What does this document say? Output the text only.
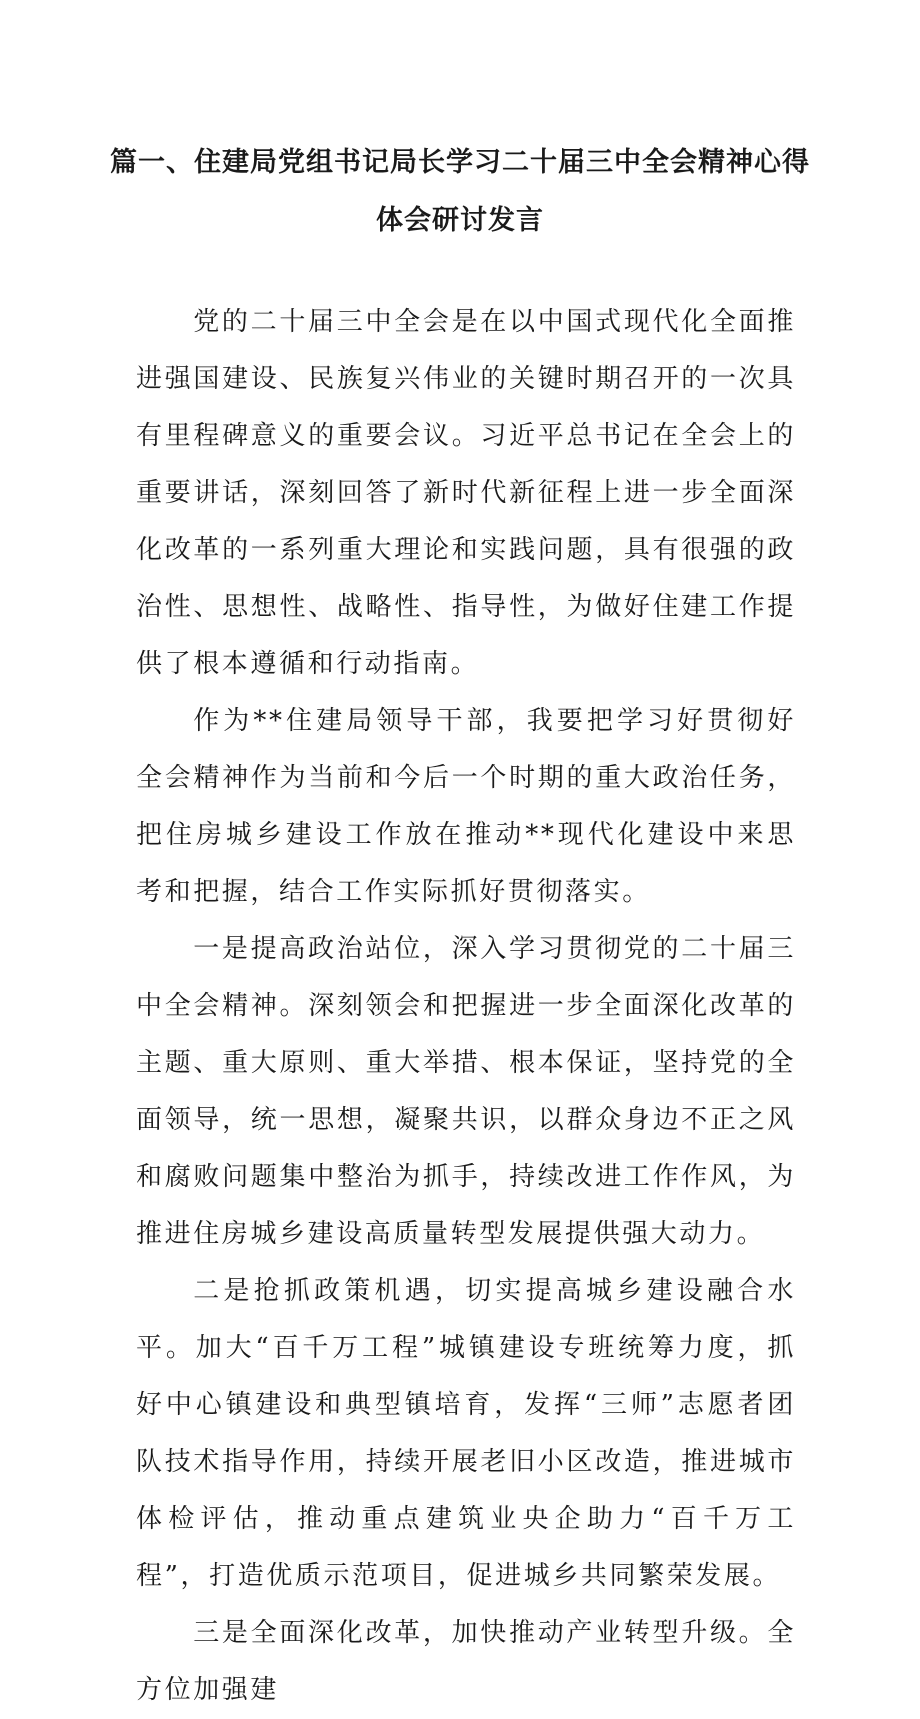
篇一、住建局党组书记局长学习二十届三中全会精神心得
体会研讨发言

党的二十届三中全会是在以中国式现代化全面推进强国建设、民族复兴伟业的关键时期召开的一次具有里程碑意义的重要会议。习近平总书记在全会上的重要讲话，深刻回答了新时代新征程上进一步全面深化改革的一系列重大理论和实践问题，具有很强的政治性、思想性、战略性、指导性，为做好住建工作提供了根本遵循和行动指南。

作为**住建局领导干部，我要把学习好贯彻好全会精神作为当前和今后一个时期的重大政治任务，把住房城乡建设工作放在推动**现代化建设中来思考和把握，结合工作实际抓好贯彻落实。

一是提高政治站位，深入学习贯彻党的二十届三中全会精神。深刻领会和把握进一步全面深化改革的主题、重大原则、重大举措、根本保证，坚持党的全面领导，统一思想，凝聚共识，以群众身边不正之风和腐败问题集中整治为抓手，持续改进工作作风，为推进住房城乡建设高质量转型发展提供强大动力。

二是抢抓政策机遇，切实提高城乡建设融合水平。加大“百千万工程”城镇建设专班统筹力度，抓好中心镇建设和典型镇培育，发挥“三师”志愿者团队技术指导作用，持续开展老旧小区改造，推进城市体检评估，推动重点建筑业央企助力“百千万工程”，打造优质示范项目，促进城乡共同繁荣发展。

三是全面深化改革，加快推动产业转型升级。全方位加强建
